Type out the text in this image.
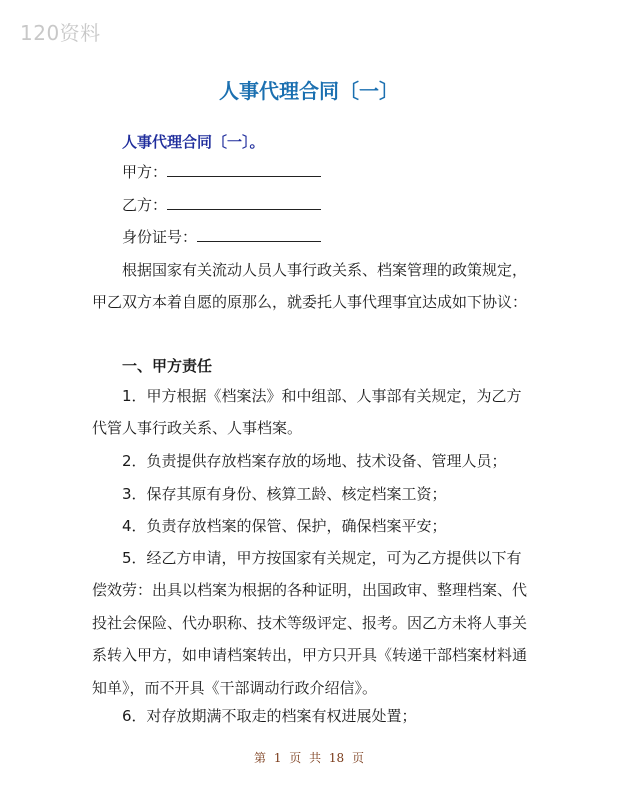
120资料
人事代理合同〔一〕
人事代理合同〔一〕。
甲方：
乙方：
身份证号：

根据国家有关流动人员人事行政关系、档案管理的政策规定，甲乙双方本着自愿的原那么，就委托人事代理事宜达成如下协议：

一、甲方责任

1．甲方根据《档案法》和中组部、人事部有关规定，为乙方代管人事行政关系、人事档案。

2．负责提供存放档案存放的场地、技术设备、管理人员；

3．保存其原有身份、核算工龄、核定档案工资；

4．负责存放档案的保管、保护，确保档案平安；

5．经乙方申请，甲方按国家有关规定，可为乙方提供以下有偿效劳：出具以档案为根据的各种证明，出国政审、整理档案、代投社会保险、代办职称、技术等级评定、报考。因乙方未将人事关系转入甲方，如申请档案转出，甲方只开具《转递干部档案材料通知单》，而不开具《干部调动行政介绍信》。

6．对存放期满不取走的档案有权进展处置；

第 1 页 共 18 页
